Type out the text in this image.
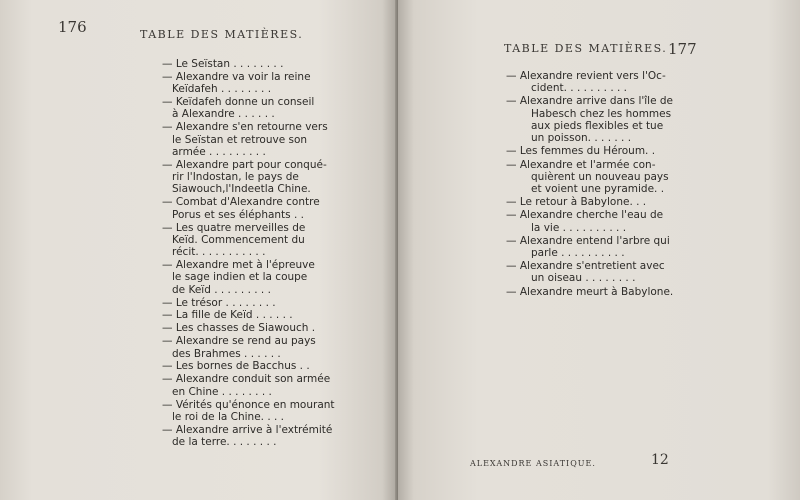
176	TABLE DES MATIÈRES.
— Le Seïstan . . . . . . . .
— Alexandre va voir la reine
Keïdafeh . . . . . . . .
— Keïdafeh donne un conseil
à Alexandre . . . . . .
— Alexandre s'en retourne vers
le Seïstan et retrouve son
armée . . . . . . . . .
— Alexandre part pour conqué-
rir l'Indostan, le pays de
Siawouch,l'Indeetla Chine.
— Combat d'Alexandre contre
Porus et ses éléphants . .
— Les quatre merveilles de
Keïd. Commencement du
récit. . . . . . . . . . .
— Alexandre met à l'épreuve
le sage indien et la coupe
de Keïd . . . . . . . . .
— Le trésor . . . . . . . .
— La fille de Keïd . . . . . .
— Les chasses de Siawouch .
— Alexandre se rend au pays
des Brahmes . . . . . .
— Les bornes de Bacchus . .
— Alexandre conduit son armée
en Chine . . . . . . . .
— Vérités qu'énonce en mourant
le roi de la Chine. . . .
— Alexandre arrive à l'extrémité
de la terre. . . . . . . .
TABLE DES MATIÈRES. 177
— Alexandre revient vers l'Oc-
cident. . . . . . . . . .
— Alexandre arrive dans l'île de
Habesch chez les hommes
aux pieds flexibles et tue
un poisson. . . . . . .
— Les femmes du Héroum. .
— Alexandre et l'armée con-
quièrent un nouveau pays
et voient une pyramide. .
— Le retour à Babylone. . .
— Alexandre cherche l'eau de
la vie . . . . . . . . . .
— Alexandre entend l'arbre qui
parle . . . . . . . . . .
— Alexandre s'entretient avec
un oiseau . . . . . . . .
— Alexandre meurt à Babylone.
ALEXANDRE ASIATIQUE.	12
